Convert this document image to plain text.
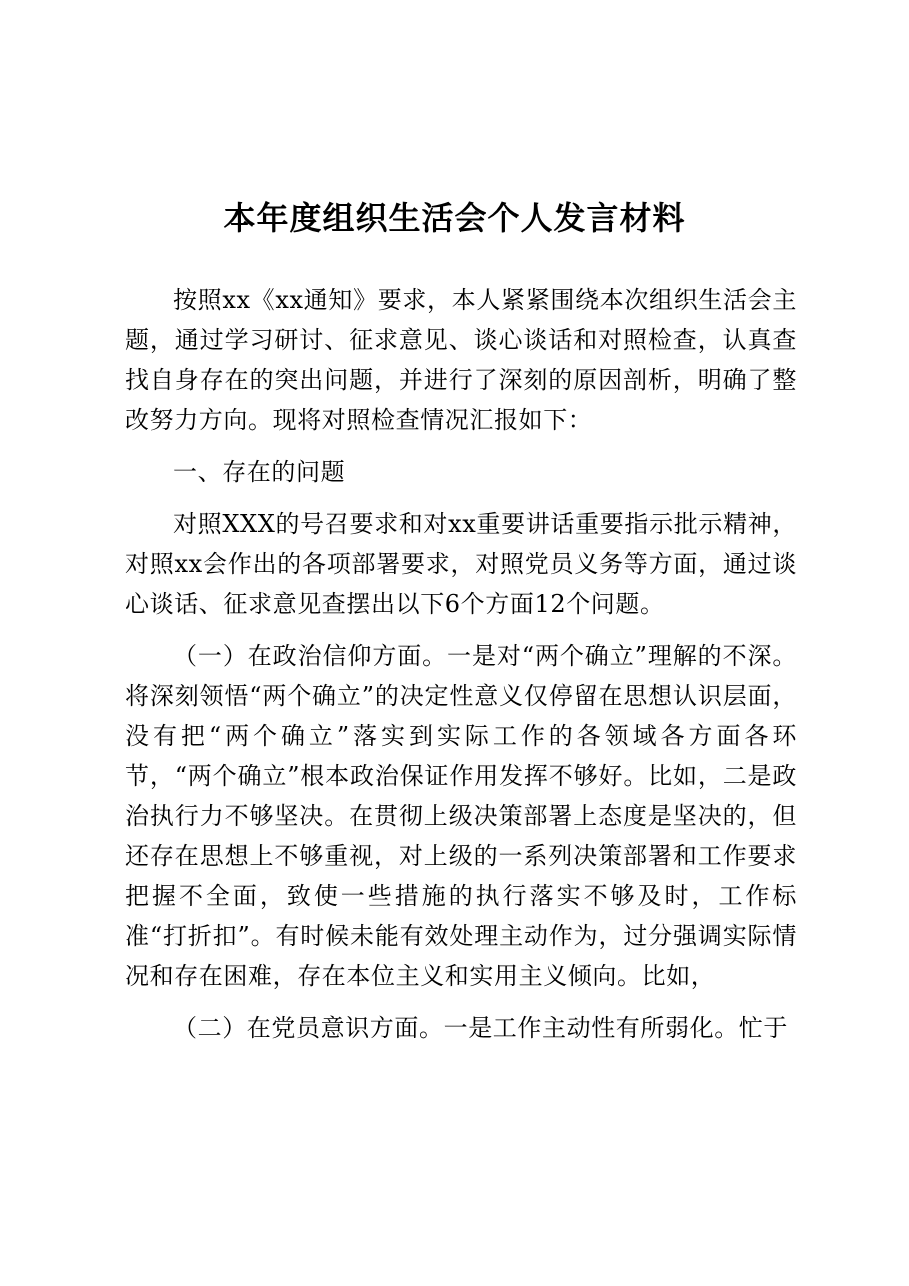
本年度组织生活会个人发言材料

按照xx《xx通知》要求，本人紧紧围绕本次组织生活会主题，通过学习研讨、征求意见、谈心谈话和对照检查，认真查找自身存在的突出问题，并进行了深刻的原因剖析，明确了整改努力方向。现将对照检查情况汇报如下：

一、存在的问题

对照XXX的号召要求和对xx重要讲话重要指示批示精神，对照xx会作出的各项部署要求，对照党员义务等方面，通过谈心谈话、征求意见查摆出以下6个方面12个问题。

（一）在政治信仰方面。一是对“两个确立”理解的不深。将深刻领悟“两个确立”的决定性意义仅停留在思想认识层面，没有把“两个确立”落实到实际工作的各领域各方面各环节，“两个确立”根本政治保证作用发挥不够好。比如，二是政治执行力不够坚决。在贯彻上级决策部署上态度是坚决的，但还存在思想上不够重视，对上级的一系列决策部署和工作要求把握不全面，致使一些措施的执行落实不够及时，工作标准“打折扣”。有时候未能有效处理主动作为，过分强调实际情况和存在困难，存在本位主义和实用主义倾向。比如，

（二）在党员意识方面。一是工作主动性有所弱化。忙于
